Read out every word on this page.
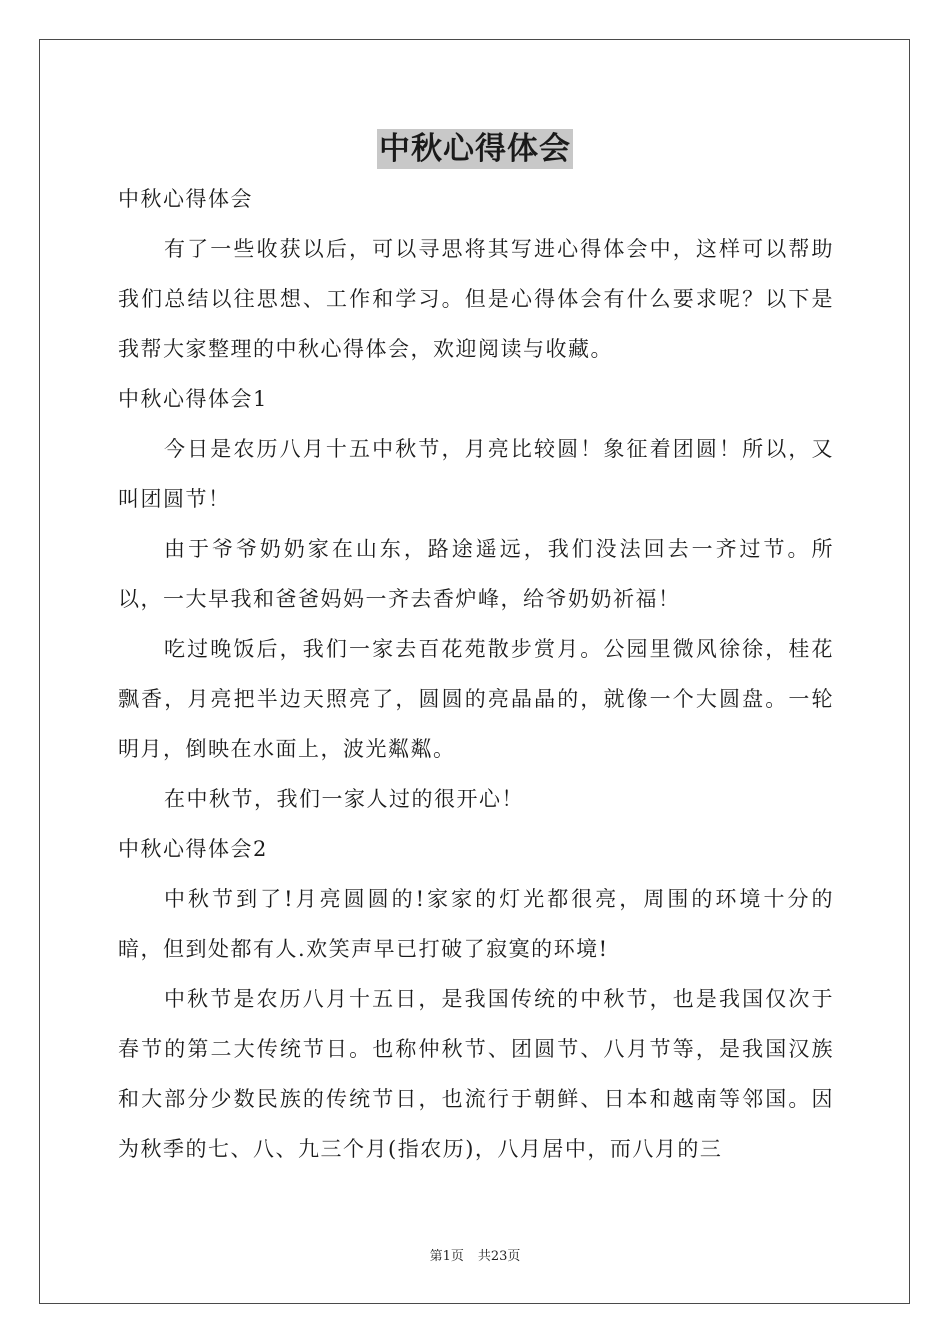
中秋心得体会

中秋心得体会

有了一些收获以后，可以寻思将其写进心得体会中，这样可以帮助我们总结以往思想、工作和学习。但是心得体会有什么要求呢？以下是我帮大家整理的中秋心得体会，欢迎阅读与收藏。

中秋心得体会1

今日是农历八月十五中秋节，月亮比较圆！象征着团圆！所以，又叫团圆节！

由于爷爷奶奶家在山东，路途遥远，我们没法回去一齐过节。所以，一大早我和爸爸妈妈一齐去香炉峰，给爷奶奶祈福！

吃过晚饭后，我们一家去百花苑散步赏月。公园里微风徐徐，桂花飘香，月亮把半边天照亮了，圆圆的亮晶晶的，就像一个大圆盘。一轮明月，倒映在水面上，波光粼粼。

在中秋节，我们一家人过的很开心！

中秋心得体会2

中秋节到了!月亮圆圆的!家家的灯光都很亮，周围的环境十分的暗，但到处都有人.欢笑声早已打破了寂寞的环境!

中秋节是农历八月十五日，是我国传统的中秋节，也是我国仅次于春节的第二大传统节日。也称仲秋节、团圆节、八月节等，是我国汉族和大部分少数民族的传统节日，也流行于朝鲜、日本和越南等邻国。因为秋季的七、八、九三个月(指农历)，八月居中，而八月的三

第1页 共23页
